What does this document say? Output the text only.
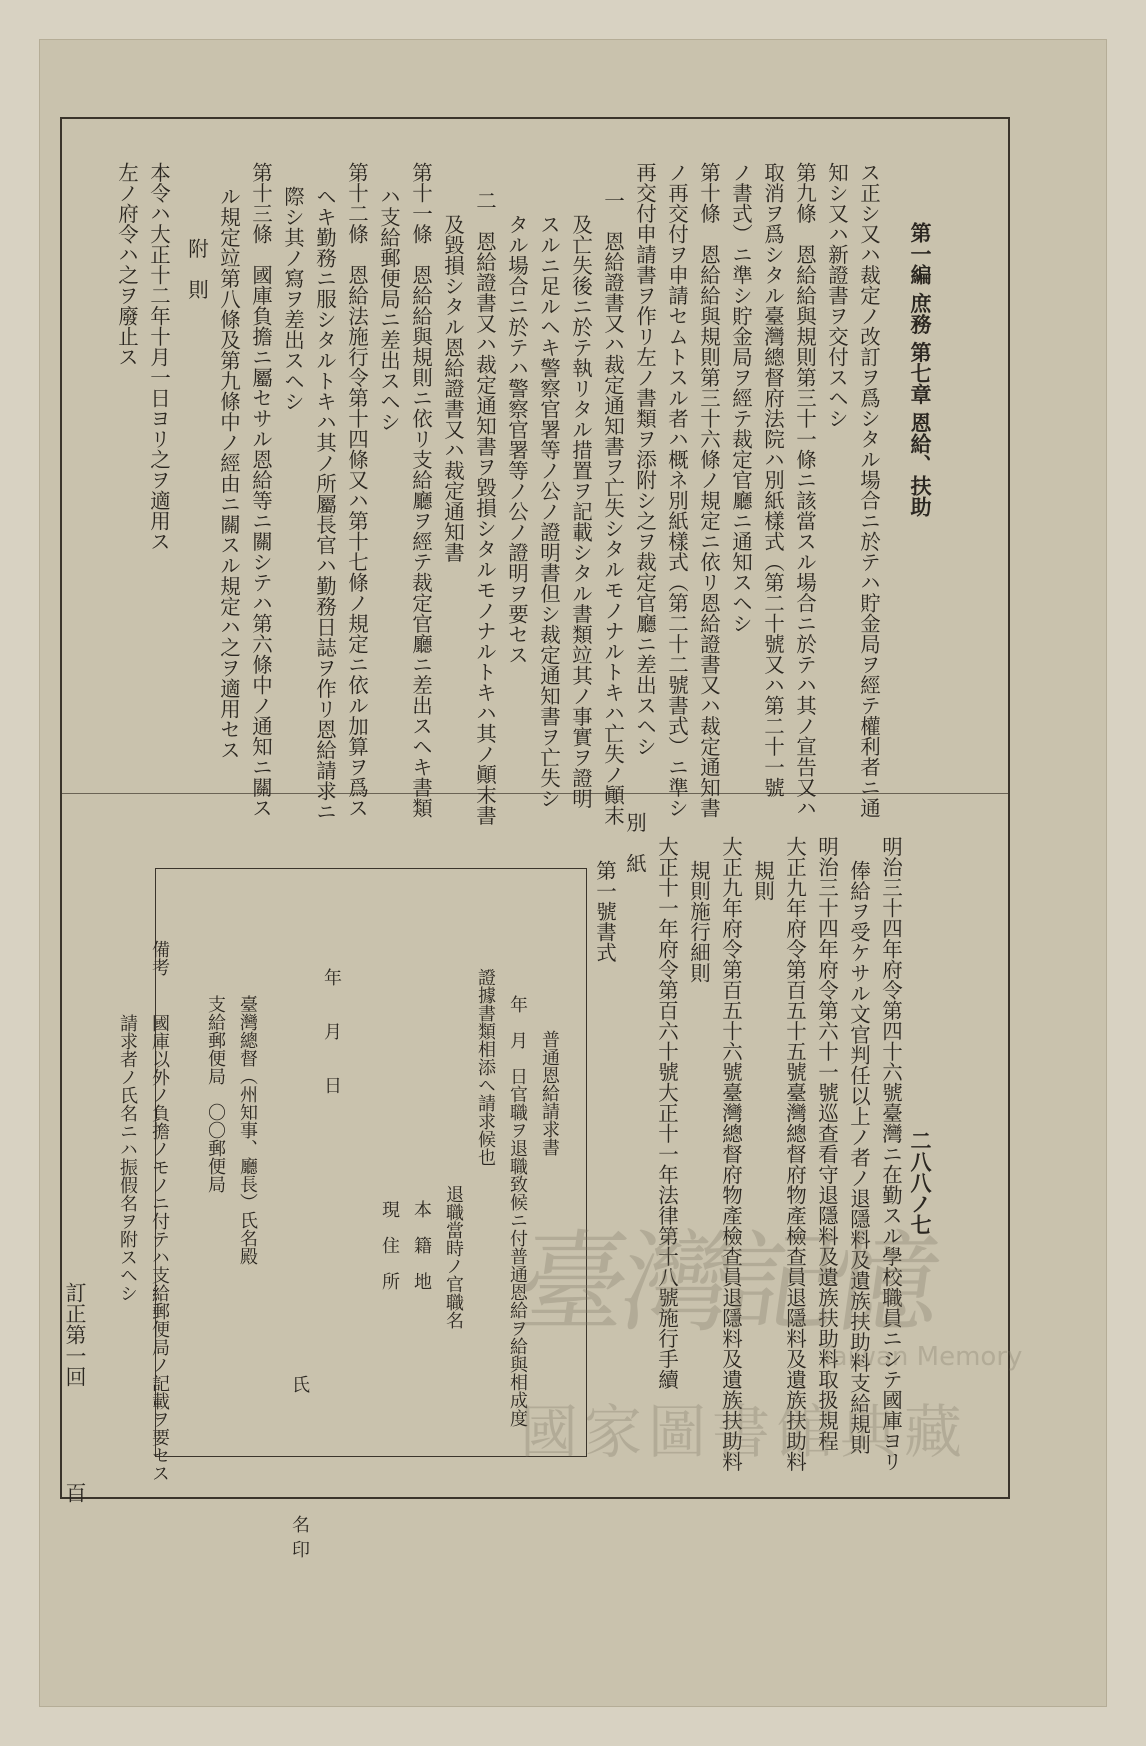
第一編 庶務 第七章 恩給、扶助
二八八ノ七
ス正シ又ハ裁定ノ改訂ヲ爲シタル場合ニ於テハ貯金局ヲ經テ權利者ニ通
知シ又ハ新證書ヲ交付スヘシ
第九條　恩給給與規則第三十一條ニ該當スル場合ニ於テハ其ノ宣告又ハ
取消ヲ爲シタル臺灣總督府法院ハ別紙樣式（第二十號又ハ第二十一號
ノ書式）ニ準シ貯金局ヲ經テ裁定官廳ニ通知スヘシ
第十條　恩給給與規則第三十六條ノ規定ニ依リ恩給證書又ハ裁定通知書
ノ再交付ヲ申請セムトスル者ハ概ネ別紙樣式（第二十二號書式）ニ準シ
再交付申請書ヲ作リ左ノ書類ヲ添附シ之ヲ裁定官廳ニ差出スヘシ
一　恩給證書又ハ裁定通知書ヲ亡失シタルモノナルトキハ亡失ノ顚末
及亡失後ニ於テ執リタル措置ヲ記載シタル書類竝其ノ事實ヲ證明
スルニ足ルヘキ警察官署等ノ公ノ證明書但シ裁定通知書ヲ亡失シ
タル場合ニ於テハ警察官署等ノ公ノ證明ヲ要セス
二　恩給證書又ハ裁定通知書ヲ毀損シタルモノナルトキハ其ノ顚末書
及毀損シタル恩給證書又ハ裁定通知書
第十一條　恩給給與規則ニ依リ支給廳ヲ經テ裁定官廳ニ差出スヘキ書類
ハ支給郵便局ニ差出スヘシ
第十二條　恩給法施行令第十四條又ハ第十七條ノ規定ニ依ル加算ヲ爲ス
ヘキ勤務ニ服シタルトキハ其ノ所屬長官ハ勤務日誌ヲ作リ恩給請求ニ
際シ其ノ寫ヲ差出スヘシ
第十三條　國庫負擔ニ屬セサル恩給等ニ關シテハ第六條中ノ通知ニ關ス
ル規定竝第八條及第九條中ノ經由ニ關スル規定ハ之ヲ適用セス
附　則
本令ハ大正十二年十月一日ヨリ之ヲ適用ス
左ノ府令ハ之ヲ廢止ス
明治三十四年府令第四十六號臺灣ニ在勤スル學校職員ニシテ國庫ヨリ
俸給ヲ受ケサル文官判任以上ノ者ノ退隱料及遺族扶助料支給規則
明治三十四年府令第六十一號巡查看守退隱料及遺族扶助料取扱規程
大正九年府令第百五十五號臺灣總督府物產檢查員退隱料及遺族扶助料
規則
大正九年府令第百五十六號臺灣總督府物產檢查員退隱料及遺族扶助料
規則施行細則
大正十一年府令第百六十號大正十一年法律第十八號施行手續
別　紙
第一號書式
普通恩給請求書
年　月　日官職ヲ退職致候ニ付普通恩給ヲ給與相成度
證據書類相添ヘ請求候也
退職當時ノ官職名
本　籍　地
現　住　所
年　　月　　日
氏
名
印
臺灣總督（州知事、廳長）氏名殿
支給郵便局　〇〇郵便局
備考
國庫以外ノ負擔ノモノニ付テハ支給郵便局ノ記載ヲ要セス
請求者ノ氏名ニハ振假名ヲ附スヘシ
訂正第一回
百
臺灣記憶
Taiwan Memory
國家圖書館典藏
